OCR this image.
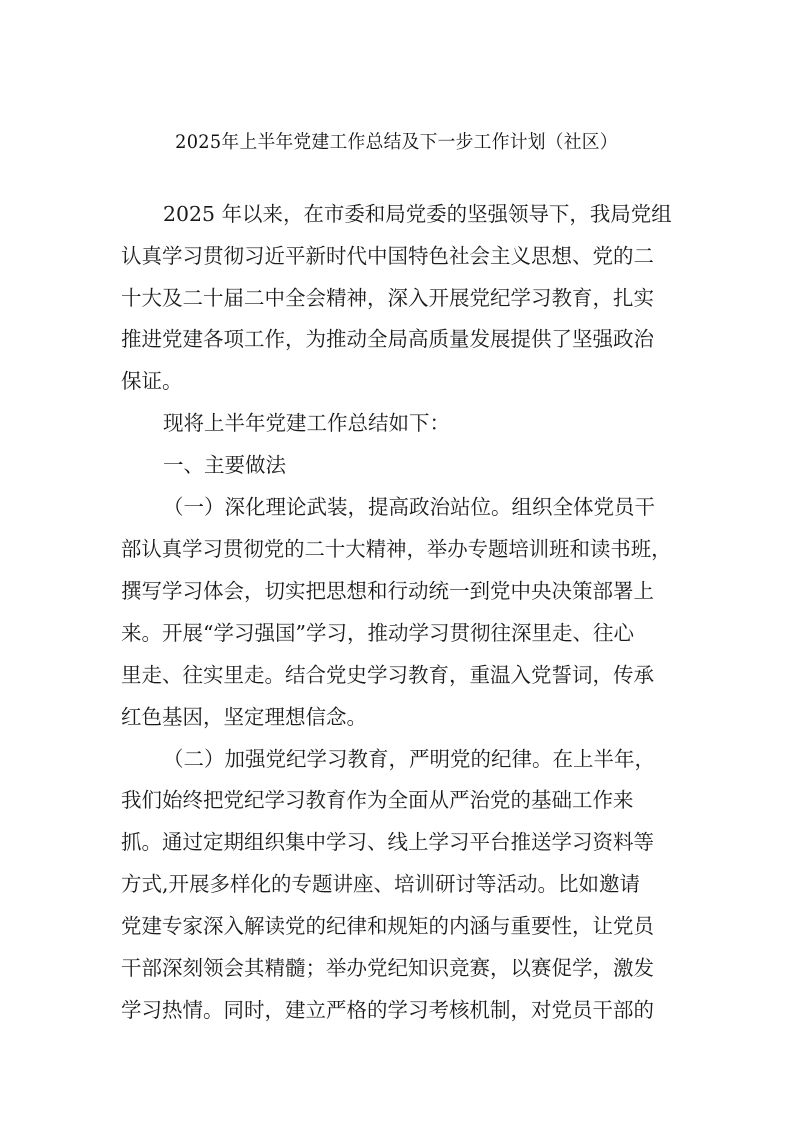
2025年上半年党建工作总结及下一步工作计划（社区）
2025 年以来，在市委和局党委的坚强领导下，我局党组
认真学习贯彻习近平新时代中国特色社会主义思想、党的二
十大及二十届二中全会精神，深入开展党纪学习教育，扎实
推进党建各项工作，为推动全局高质量发展提供了坚强政治
保证。
现将上半年党建工作总结如下：
一、主要做法
（一）深化理论武装，提高政治站位。组织全体党员干
部认真学习贯彻党的二十大精神，举办专题培训班和读书班，
撰写学习体会，切实把思想和行动统一到党中央决策部署上
来。开展“学习强国”学习，推动学习贯彻往深里走、往心
里走、往实里走。结合党史学习教育，重温入党誓词，传承
红色基因，坚定理想信念。
（二）加强党纪学习教育，严明党的纪律。在上半年，
我们始终把党纪学习教育作为全面从严治党的基础工作来
抓。通过定期组织集中学习、线上学习平台推送学习资料等
方式,开展多样化的专题讲座、培训研讨等活动。比如邀请
党建专家深入解读党的纪律和规矩的内涵与重要性，让党员
干部深刻领会其精髓；举办党纪知识竞赛，以赛促学，激发
学习热情。同时，建立严格的学习考核机制，对党员干部的
